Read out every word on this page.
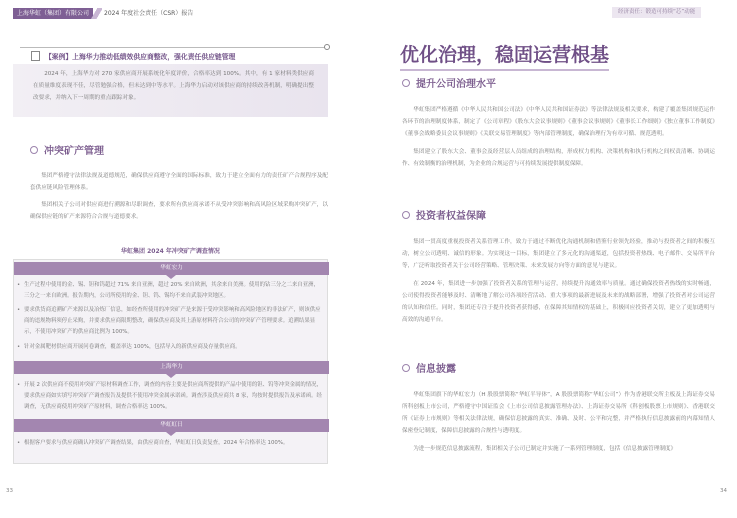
上海华虹（集团）有限公司	2024 年度社会责任（CSR）报告	经济责任：锻造可持续“芯”动能
【案例】上海华力推动低绩效供应商整改，强化责任供应链管理

2024 年，上海华力对 270 家供应商开展系统化年度评价，合格率达到 100%。其中，有 1 家材料类供应商在质量维度表现不佳，尽管勉强合格，但未达到中等水平。上海华力启动对该供应商的持续改善机制，明确提出整改要求，并纳入下一周期的重点跟踪对象。

冲突矿产管理

集团严格遵守法律法规及道德规范，确保供应商遵守全面的国际标准，致力于建立全面有力的责任矿产合规程序及配套供应链风险管理体系。

集团相关子公司对供应商进行溯源和尽职调查，要求所有供应商承诺不从受冲突影响和高风险区域采购冲突矿产，以确保供应链的矿产来源符合合规与道德要求。

华虹集团 2024 年冲突矿产调查情况
华虹宏力
• 生产过程中使用的金、锡、钽和钨超过 71% 来自亚洲，超过 20% 来自欧洲，其余来自美洲。使用的钴三分之二来自亚洲，三分之一来自欧洲。报告期内，公司所使用的金、钽、钨、锡均不来自武装冲突地区。
• 要求供货商追溯矿产来源以及冶炼厂信息，如经查所使用的冲突矿产是来源于受冲突影响和高风险地区的非法矿产，则该供应商的违规物料须停止采购，并要求供应商限期整改，确保供应商及其上游原材料符合公司的冲突矿产管理要求。追溯结果显示，不使用冲突矿产的供应商比例为 100%。
• 针对金属靶材供应商开展问卷调查，覆盖率达 100%，包括导入的新供应商及存量供应商。
上海华力
• 开展 2 次供应商不使用冲突矿产原材料调查工作，调查的内容主要是供应商所提供的产品中使用的钽、钨等冲突金属的情况，要求供应商如实填写冲突矿产调查报告及提供不使用冲突金属承诺函。调查涉及供应商共 8 家，均按时提供报告及承诺函。经调查，无供应商使用冲突矿产原材料，调查合格率达 100%。
华虹虹日
• 根据客户要求与供应商确认冲突矿产调查结果，由供应商自查，华虹虹日负责复查，2024 年合格率达 100%。
33
优化治理，稳固运营根基
提升公司治理水平

华虹集团严格遵循《中华人民共和国公司法》《中华人民共和国证券法》等法律法规及相关要求，构建了覆盖集团规范运作各环节的治理制度体系，制定了《公司章程》《股东大会议事规则》《董事会议事规则》《董事长工作细则》《独立董事工作制度》《董事会战略委员会议事规则》《关联交易管理制度》等内部管理制度，确保治理行为有章可循、规范透明。

集团建立了股东大会、董事会及经营层人员组成的治理结构，形成权力机构、决策机构和执行机构之间权责清晰、协调运作、有效制衡的治理机制，为企业的合规运营与可持续发展提供制度保障。

投资者权益保障

集团一贯高度重视投资者关系管理工作，致力于通过不断优化沟通机制和借鉴行业领先经验，推动与投资者之间的积极互动，树立公司透明、诚信的形象。为实现这一目标，集团建立了多元化的沟通渠道，包括投资者热线、电子邮件、交易所平台等，广泛听取投资者关于公司经营策略、管理决策、未来发展方向等方面的意见与建议。

在 2024 年，集团进一步加强了投资者关系的管理与运营，持续提升沟通效率与质量。通过确保投资者热线的实时畅通，公司使得投资者能够及时、清晰地了解公司各项经营活动、重大事项的最新进展及未来的战略部署，增强了投资者对公司运营的认知和信任。同时，集团还专注于提升投资者获得感，在保障其知情权的基础上，积极回应投资者关切，建立了更加透明与高效的沟通平台。

信息披露

华虹集团旗下的华虹宏力（H 股股票简称“华虹半导体”，A 股股票简称“华虹公司”）作为香港联交所主板及上海证券交易所科创板上市公司，严格遵守中国证监会《上市公司信息披露管理办法》、上海证券交易所《科创板股票上市规则》、香港联交所《证券上市规则》等相关法律法规，确保信息披露的真实、准确、及时、公平和完整，并严格执行信息披露前的内幕知情人保密登记制度，保障信息披露的合规性与透明度。

为进一步规范信息披露流程，集团相关子公司已制定并实施了一系列管理制度，包括《信息披露管理制度》

34
